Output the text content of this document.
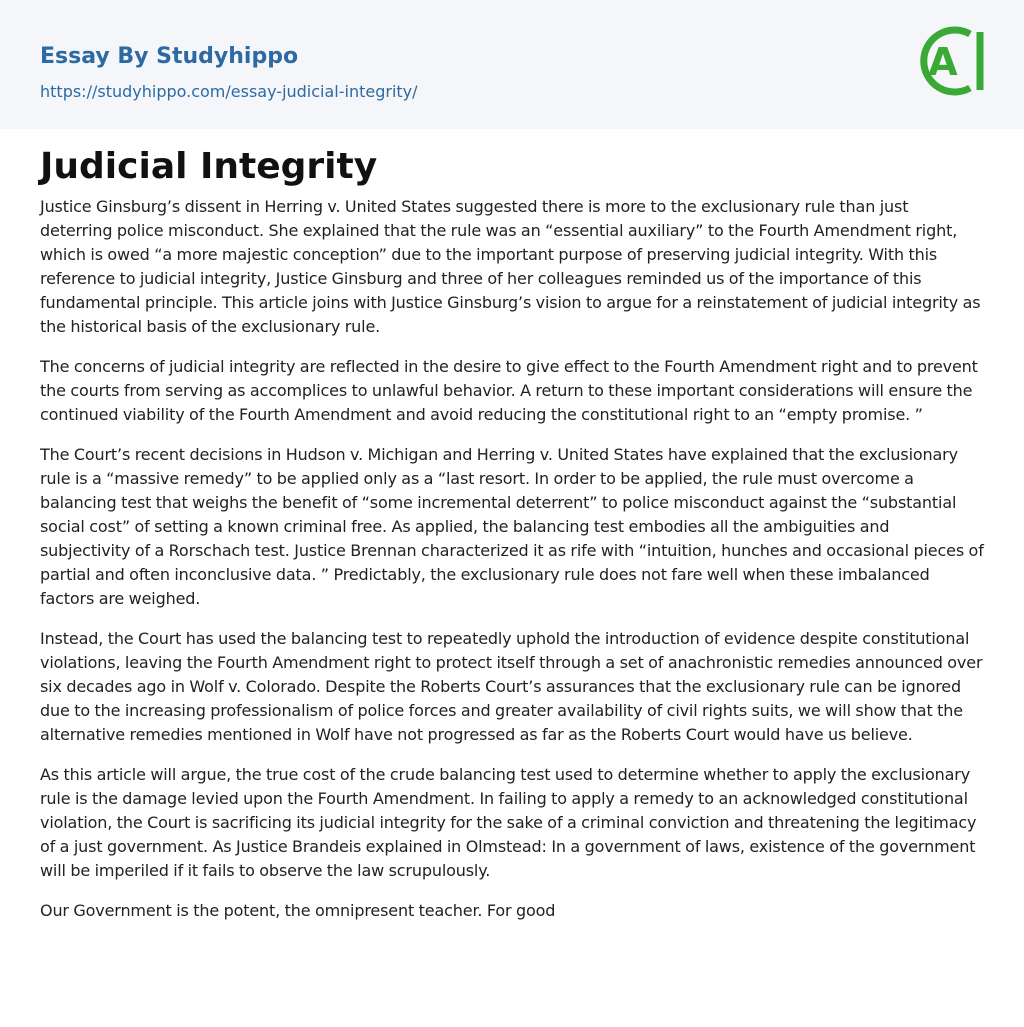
Essay By Studyhippo
https://studyhippo.com/essay-judicial-integrity/
A
Judicial Integrity

Justice Ginsburg’s dissent in Herring v. United States suggested there is more to the exclusionary rule than just deterring police misconduct. She explained that the rule was an “essential auxiliary” to the Fourth Amendment right, which is owed “a more majestic conception” due to the important purpose of preserving judicial integrity. With this reference to judicial integrity, Justice Ginsburg and three of her colleagues reminded us of the importance of this fundamental principle. This article joins with Justice Ginsburg’s vision to argue for a reinstatement of judicial integrity as the historical basis of the exclusionary rule.

The concerns of judicial integrity are reflected in the desire to give effect to the Fourth Amendment right and to prevent the courts from serving as accomplices to unlawful behavior. A return to these important considerations will ensure the continued viability of the Fourth Amendment and avoid reducing the constitutional right to an “empty promise. ”

The Court’s recent decisions in Hudson v. Michigan and Herring v. United States have explained that the exclusionary rule is a “massive remedy” to be applied only as a “last resort. In order to be applied, the rule must overcome a balancing test that weighs the benefit of “some incremental deterrent” to police misconduct against the “substantial social cost” of setting a known criminal free. As applied, the balancing test embodies all the ambiguities and subjectivity of a Rorschach test. Justice Brennan characterized it as rife with “intuition, hunches and occasional pieces of partial and often inconclusive data. ” Predictably, the exclusionary rule does not fare well when these imbalanced factors are weighed.

Instead, the Court has used the balancing test to repeatedly uphold the introduction of evidence despite constitutional violations, leaving the Fourth Amendment right to protect itself through a set of anachronistic remedies announced over six decades ago in Wolf v. Colorado. Despite the Roberts Court’s assurances that the exclusionary rule can be ignored due to the increasing professionalism of police forces and greater availability of civil rights suits, we will show that the alternative remedies mentioned in Wolf have not progressed as far as the Roberts Court would have us believe.

As this article will argue, the true cost of the crude balancing test used to determine whether to apply the exclusionary rule is the damage levied upon the Fourth Amendment. In failing to apply a remedy to an acknowledged constitutional violation, the Court is sacrificing its judicial integrity for the sake of a criminal conviction and threatening the legitimacy of a just government. As Justice Brandeis explained in Olmstead: In a government of laws, existence of the government will be imperiled if it fails to observe the law scrupulously.

Our Government is the potent, the omnipresent teacher. For good
